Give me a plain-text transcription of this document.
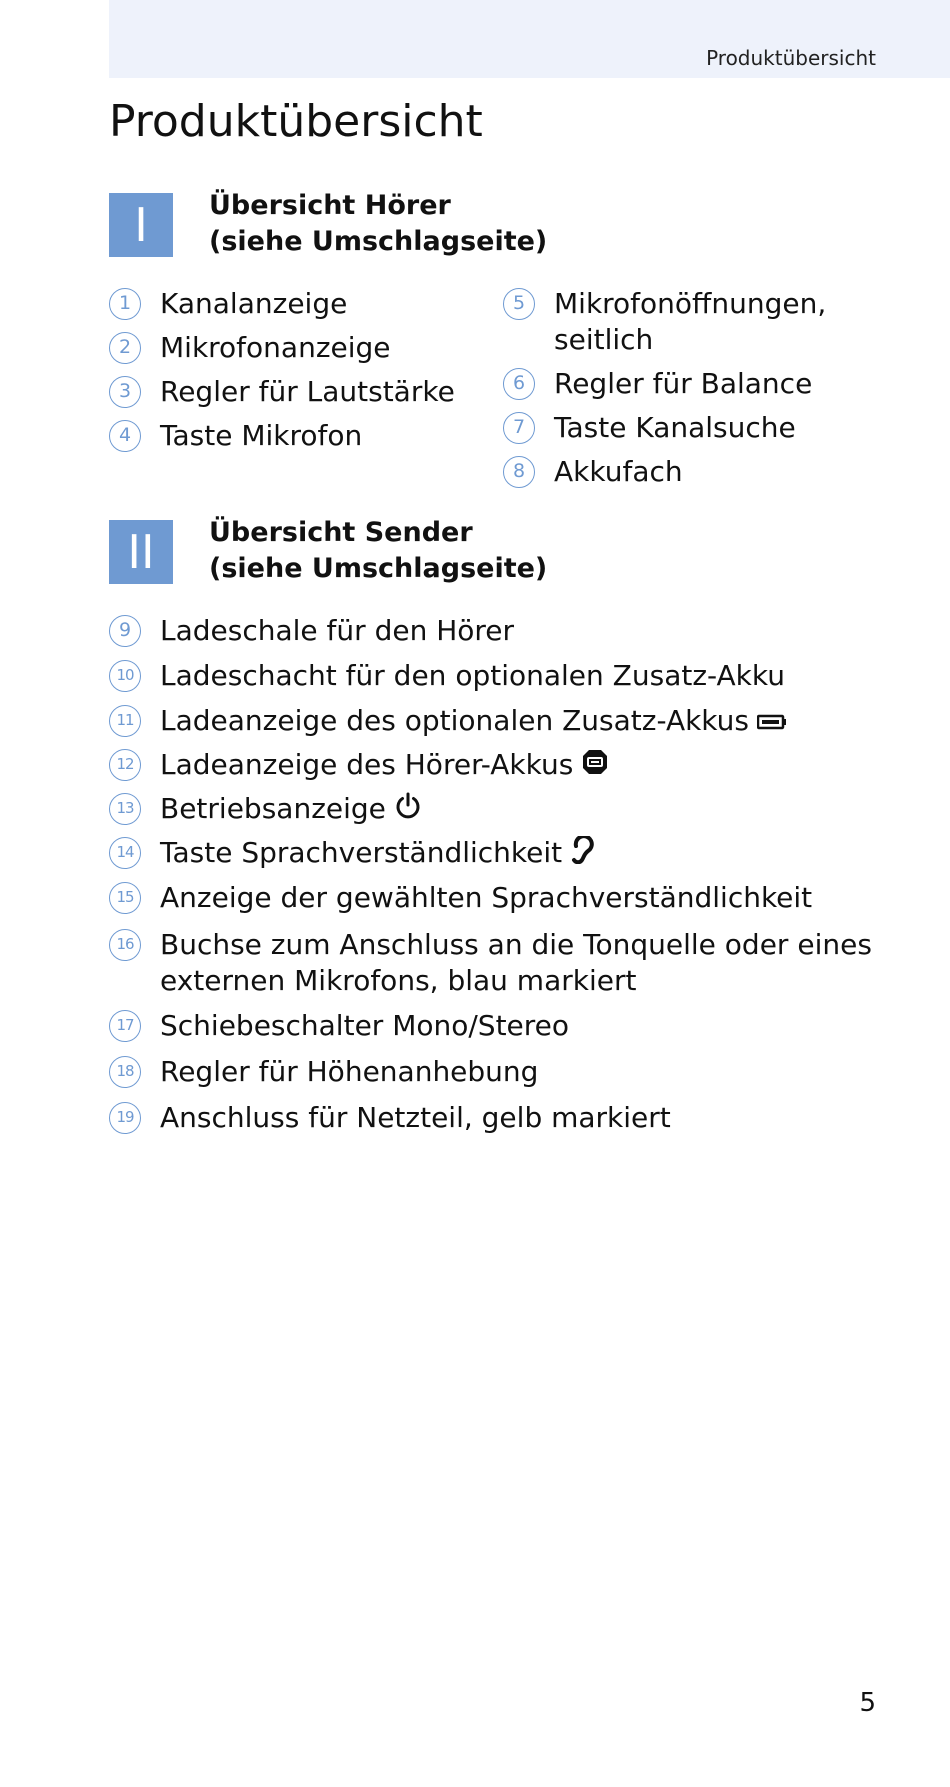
Produktübersicht
Produktübersicht
I	Übersicht Hörer
(siehe Umschlagseite)
1	Kanalanzeige
2	Mikrofonanzeige
3	Regler für Lautstärke
4	Taste Mikrofon
5	Mikrofonöffnungen,
seitlich
6	Regler für Balance
7	Taste Kanalsuche
8	Akkufach
II	Übersicht Sender
(siehe Umschlagseite)
9	Ladeschale für den Hörer
10 Ladeschacht für den optionalen Zusatz-Akku
11 Ladeanzeige des optionalen Zusatz-Akkus
12 Ladeanzeige des Hörer-Akkus
13 Betriebsanzeige
14 Taste Sprachverständlichkeit
15 Anzeige der gewählten Sprachverständlichkeit
16 Buchse zum Anschluss an die Tonquelle oder eines
externen Mikrofons, blau markiert
17 Schiebeschalter Mono/Stereo
18 Regler für Höhenanhebung
19 Anschluss für Netzteil, gelb markiert
5
